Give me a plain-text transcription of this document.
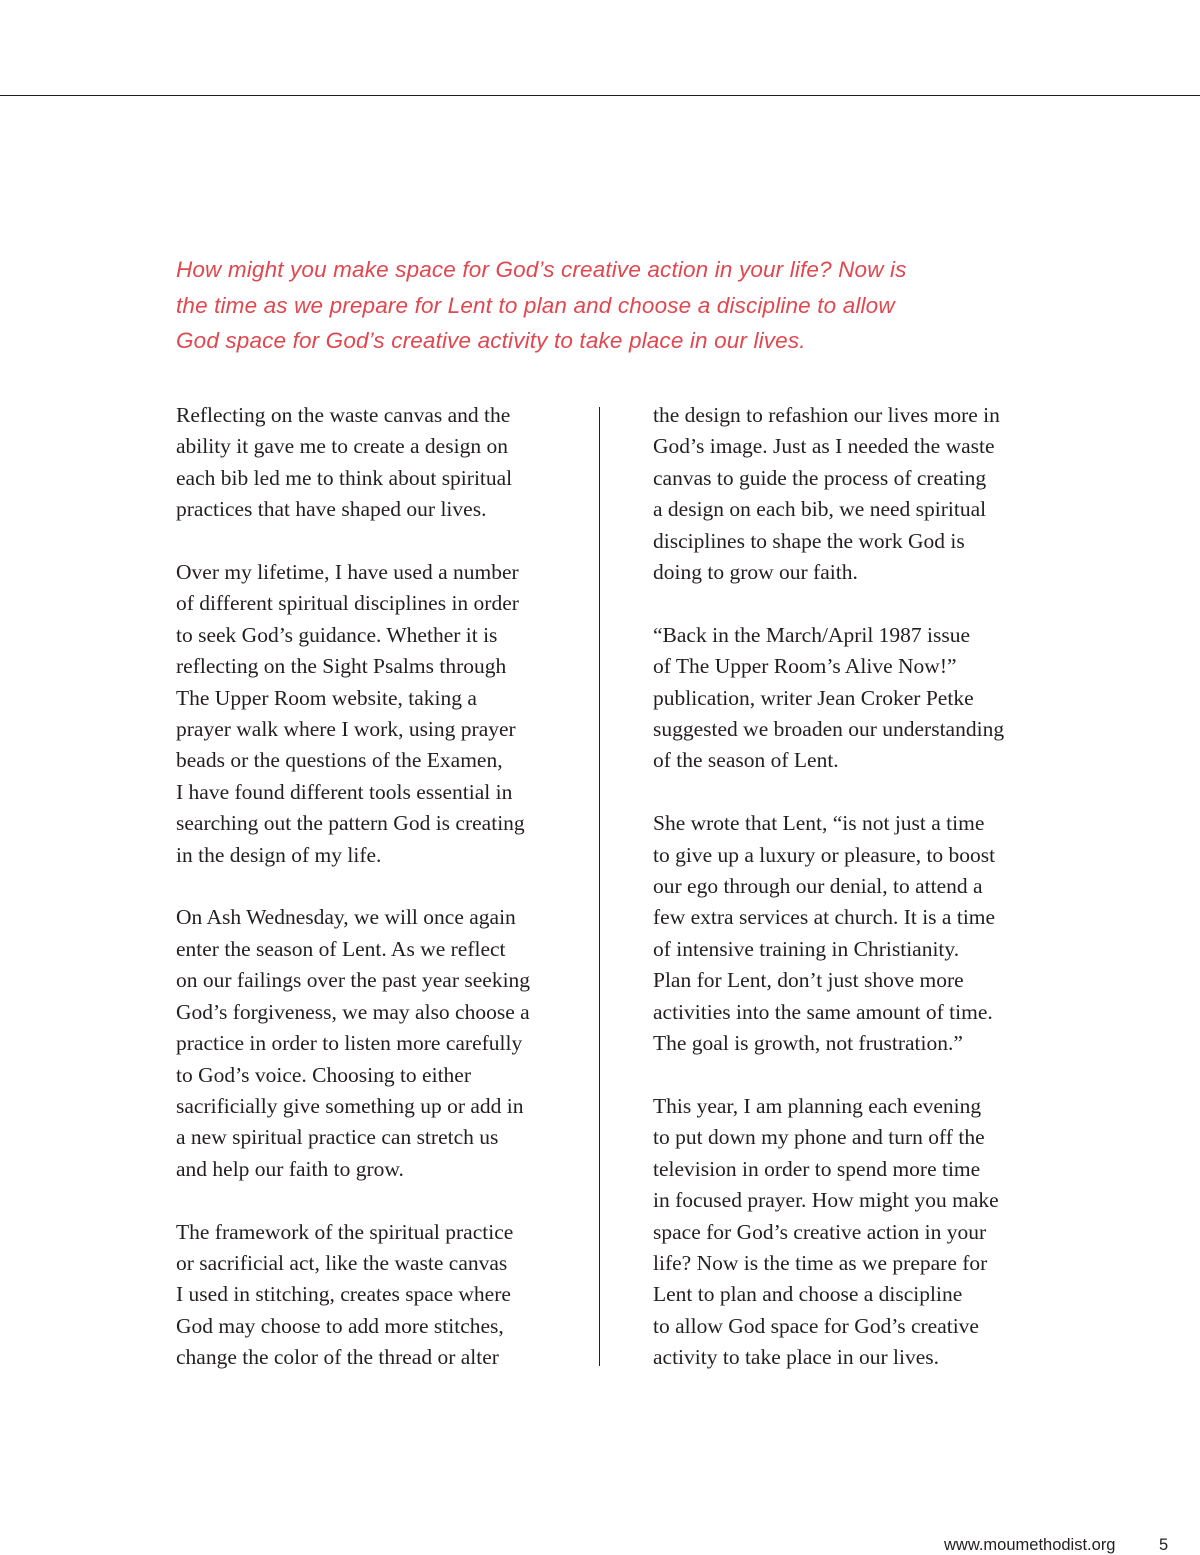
How might you make space for God’s creative action in your life? Now is
the time as we prepare for Lent to plan and choose a discipline to allow
God space for God’s creative activity to take place in our lives.

Reflecting on the waste canvas and the
ability it gave me to create a design on
each bib led me to think about spiritual
practices that have shaped our lives.

Over my lifetime, I have used a number
of different spiritual disciplines in order
to seek God’s guidance. Whether it is
reflecting on the Sight Psalms through
The Upper Room website, taking a
prayer walk where I work, using prayer
beads or the questions of the Examen,
I have found different tools essential in
searching out the pattern God is creating
in the design of my life.

On Ash Wednesday, we will once again
enter the season of Lent. As we reflect
on our failings over the past year seeking
God’s forgiveness, we may also choose a
practice in order to listen more carefully
to God’s voice. Choosing to either
sacrificially give something up or add in
a new spiritual practice can stretch us
and help our faith to grow.

The framework of the spiritual practice
or sacrificial act, like the waste canvas
I used in stitching, creates space where
God may choose to add more stitches,
change the color of the thread or alter

the design to refashion our lives more in
God’s image. Just as I needed the waste
canvas to guide the process of creating
a design on each bib, we need spiritual
disciplines to shape the work God is
doing to grow our faith.

“Back in the March/April 1987 issue
of The Upper Room’s Alive Now!”
publication, writer Jean Croker Petke
suggested we broaden our understanding
of the season of Lent.

She wrote that Lent, “is not just a time
to give up a luxury or pleasure, to boost
our ego through our denial, to attend a
few extra services at church. It is a time
of intensive training in Christianity.
Plan for Lent, don’t just shove more
activities into the same amount of time.
The goal is growth, not frustration.”

This year, I am planning each evening
to put down my phone and turn off the
television in order to spend more time
in focused prayer. How might you make
space for God’s creative action in your
life? Now is the time as we prepare for
Lent to plan and choose a discipline
to allow God space for God’s creative
activity to take place in our lives.

www.moumethodist.org	5
